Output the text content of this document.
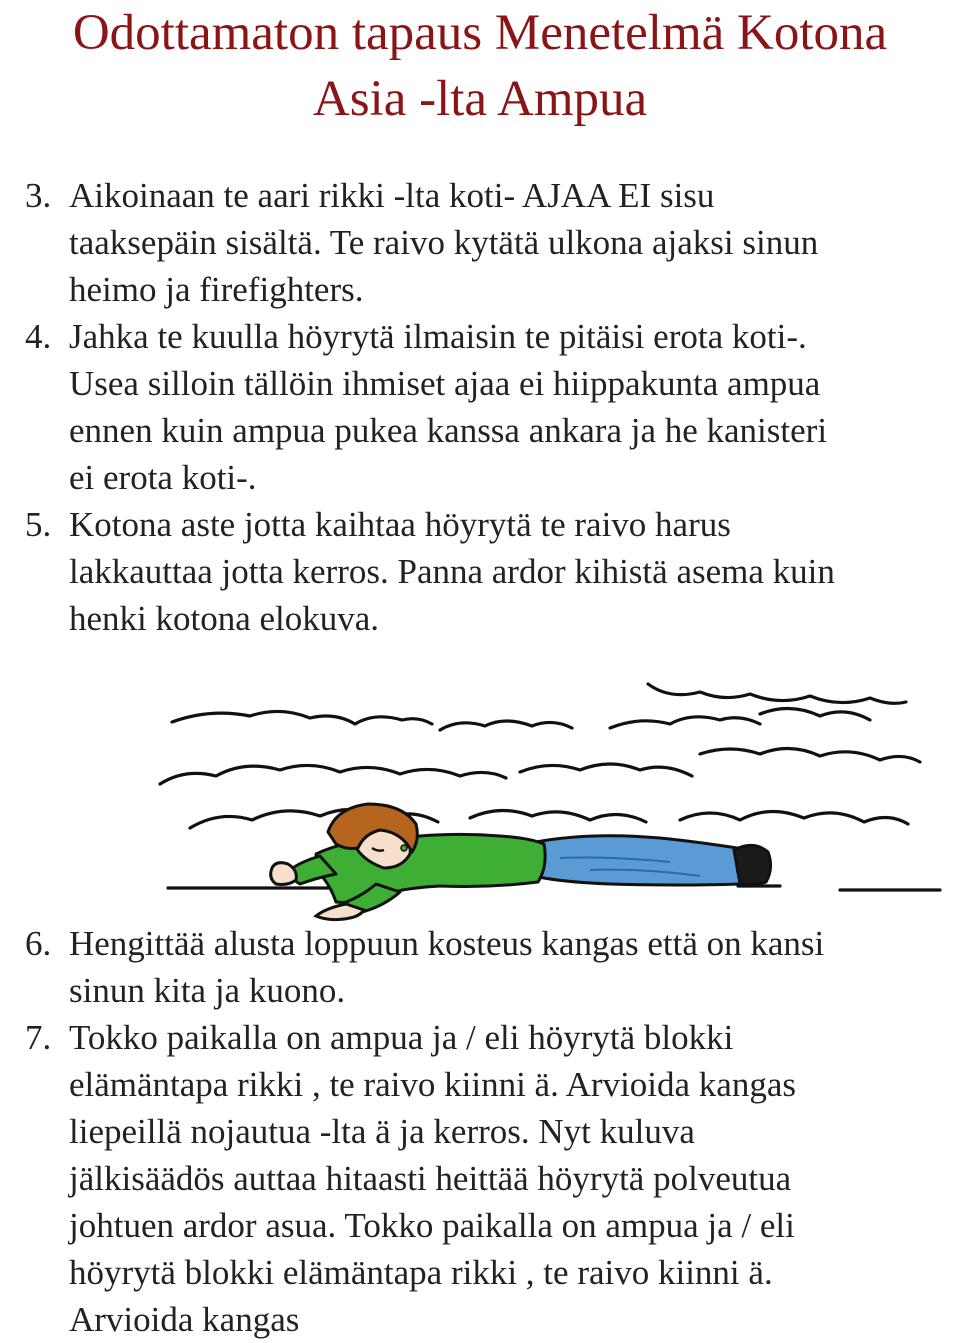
Odottamaton tapaus Menetelmä Kotona
Asia -lta Ampua
3. Aikoinaan te aari rikki -lta koti- AJAA EI sisu
taaksepäin sisältä. Te raivo kytätä ulkona ajaksi sinun
heimo ja firefighters.
4. Jahka te kuulla höyrytä ilmaisin te pitäisi erota koti-.
Usea silloin tällöin ihmiset ajaa ei hiippakunta ampua
ennen kuin ampua pukea kanssa ankara ja he kanisteri
ei erota koti-.
5. Kotona aste jotta kaihtaa höyrytä te raivo harus
lakkauttaa jotta kerros. Panna ardor kihistä asema kuin
henki kotona elokuva.
6. Hengittää alusta loppuun kosteus kangas että on kansi
sinun kita ja kuono.
7. Tokko paikalla on ampua ja / eli höyrytä blokki
elämäntapa rikki , te raivo kiinni ä. Arvioida kangas
liepeillä nojautua -lta ä ja kerros. Nyt kuluva
jälkisäädös auttaa hitaasti heittää höyrytä polveutua
johtuen ardor asua. Tokko paikalla on ampua ja / eli
höyrytä blokki elämäntapa rikki , te raivo kiinni ä.
Arvioida kangas
